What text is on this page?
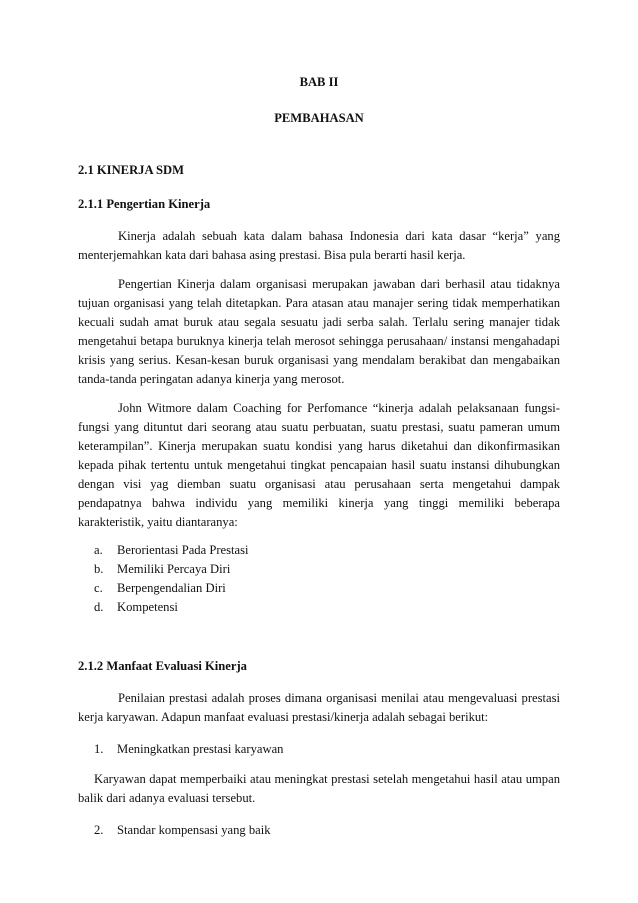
BAB II

PEMBAHASAN

2.1 KINERJA SDM
2.1.1 Pengertian Kinerja

Kinerja adalah sebuah kata dalam bahasa Indonesia dari kata dasar “kerja” yang menterjemahkan kata dari bahasa asing prestasi. Bisa pula berarti hasil kerja.

Pengertian Kinerja dalam organisasi merupakan jawaban dari berhasil atau tidaknya tujuan organisasi yang telah ditetapkan. Para atasan atau manajer sering tidak memperhatikan kecuali sudah amat buruk atau segala sesuatu jadi serba salah. Terlalu sering manajer tidak mengetahui betapa buruknya kinerja telah merosot sehingga perusahaan/ instansi mengahadapi krisis yang serius. Kesan-kesan buruk organisasi yang mendalam berakibat dan mengabaikan tanda-tanda peringatan adanya kinerja yang merosot.

John Witmore dalam Coaching for Perfomance “kinerja adalah pelaksanaan fungsi-fungsi yang dituntut dari seorang atau suatu perbuatan, suatu prestasi, suatu pameran umum keterampilan”. Kinerja merupakan suatu kondisi yang harus diketahui dan dikonfirmasikan kepada pihak tertentu untuk mengetahui tingkat pencapaian hasil suatu instansi dihubungkan dengan visi yag diemban suatu organisasi atau perusahaan serta mengetahui dampak pendapatnya bahwa individu yang memiliki kinerja yang tinggi memiliki beberapa karakteristik, yaitu diantaranya:

a.	Berorientasi Pada Prestasi
b.	Memiliki Percaya Diri
c.	Berpengendalian Diri
d.	Kompetensi
2.1.2 Manfaat Evaluasi Kinerja

Penilaian prestasi adalah proses dimana organisasi menilai atau mengevaluasi prestasi kerja karyawan. Adapun manfaat evaluasi prestasi/kinerja adalah sebagai berikut:

1.	Meningkatkan prestasi karyawan

Karyawan dapat memperbaiki atau meningkat prestasi setelah mengetahui hasil atau umpan balik dari adanya evaluasi tersebut.

2.	Standar kompensasi yang baik
